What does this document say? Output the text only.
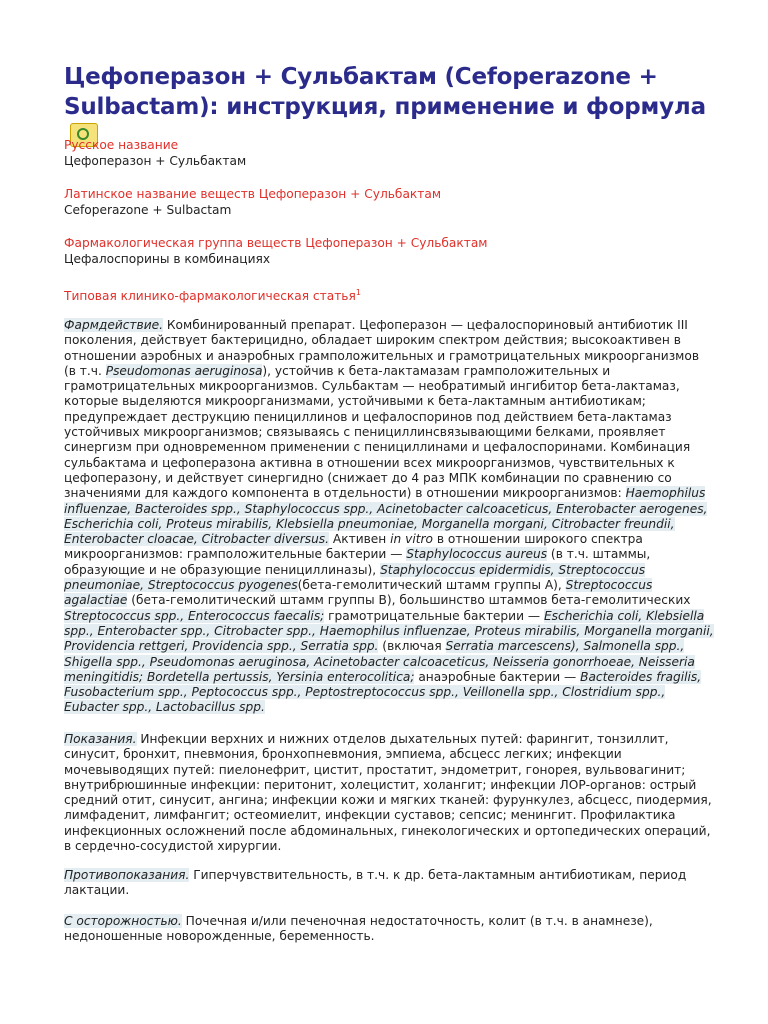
Цефоперазон + Сульбактам (Cefoperazone + Sulbactam): инструкция, применение и формула

Русское название

Цефоперазон + Сульбактам

Латинское название веществ Цефоперазон + Сульбактам

Cefoperazone + Sulbactam

Фармакологическая группа веществ Цефоперазон + Сульбактам

Цефалоспорины в комбинациях

Типовая клинико-фармакологическая статья$^1$

Фармдействие. Комбинированный препарат. Цефоперазон — цефалоспориновый антибиотик III поколения, действует бактерицидно, обладает широким спектром действия; высокоактивен в отношении аэробных и анаэробных грамположительных и грамотрицательных микроорганизмов (в т.ч. Pseudomonas aeruginosa), устойчив к бета-лактамазам грамположительных и грамотрицательных микроорганизмов. Сульбактам — необратимый ингибитор бета-лактамаз, которые выделяются микроорганизмами, устойчивыми к бета-лактамным антибиотикам; предупреждает деструкцию пенициллинов и цефалоспоринов под действием бета-лактамаз устойчивых микроорганизмов; связываясь с пенициллинсвязывающими белками, проявляет синергизм при одновременном применении с пенициллинами и цефалоспоринами. Комбинация сульбактама и цефоперазона активна в отношении всех микроорганизмов, чувствительных к цефоперазону, и действует синергидно (снижает до 4 раз МПК комбинации по сравнению со значениями для каждого компонента в отдельности) в отношении микроорганизмов: Haemophilus influenzae, Bacteroides spp., Staphylococcus spp., Acinetobacter calcoaceticus, Enterobacter aerogenes, Escherichia coli, Proteus mirabilis, Klebsiella pneumoniae, Morganella morgani, Citrobacter freundii, Enterobacter cloacae, Citrobacter diversus. Активен in vitro в отношении широкого спектра микроорганизмов: грамположительные бактерии — Staphylococcus aureus (в т.ч. штаммы, образующие и не образующие пенициллиназы), Staphylococcus epidermidis, Streptococcus pneumoniae, Streptococcus pyogenes(бета-гемолитический штамм группы А), Streptococcus agalactiae (бета-гемолитический штамм группы В), большинство штаммов бета-гемолитических Streptococcus spp., Enterococcus faecalis; грамотрицательные бактерии — Escherichia coli, Klebsiella spp., Enterobacter spp., Citrobacter spp., Haemophilus influenzae, Proteus mirabilis, Morganella morganii, Providencia rettgeri, Providencia spp., Serratia spp. (включая Serratia marcescens), Salmonella spp., Shigella spp., Pseudomonas aeruginosa, Acinetobacter calcoaceticus, Neisseria gonorrhoeae, Neisseria meningitidis; Bordetella pertussis, Yersinia enterocolitica; анаэробные бактерии — Bacteroides fragilis, Fusobacterium spp., Peptococcus spp., Peptostreptococcus spp., Veillonella spp., Clostridium spp., Eubacter spp., Lactobacillus spp.

Показания. Инфекции верхних и нижних отделов дыхательных путей: фарингит, тонзиллит, синусит, бронхит, пневмония, бронхопневмония, эмпиема, абсцесс легких; инфекции мочевыводящих путей: пиелонефрит, цистит, простатит, эндометрит, гонорея, вульвовагинит; внутрибрюшинные инфекции: перитонит, холецистит, холангит; инфекции ЛОР-органов: острый средний отит, синусит, ангина; инфекции кожи и мягких тканей: фурункулез, абсцесс, пиодермия, лимфаденит, лимфангит; остеомиелит, инфекции суставов; сепсис; менингит. Профилактика инфекционных осложнений после абдоминальных, гинекологических и ортопедических операций, в сердечно-сосудистой хирургии.

Противопоказания. Гиперчувствительность, в т.ч. к др. бета-лактамным антибиотикам, период лактации.

С осторожностью. Почечная и/или печеночная недостаточность, колит (в т.ч. в анамнезе), недоношенные новорожденные, беременность.
